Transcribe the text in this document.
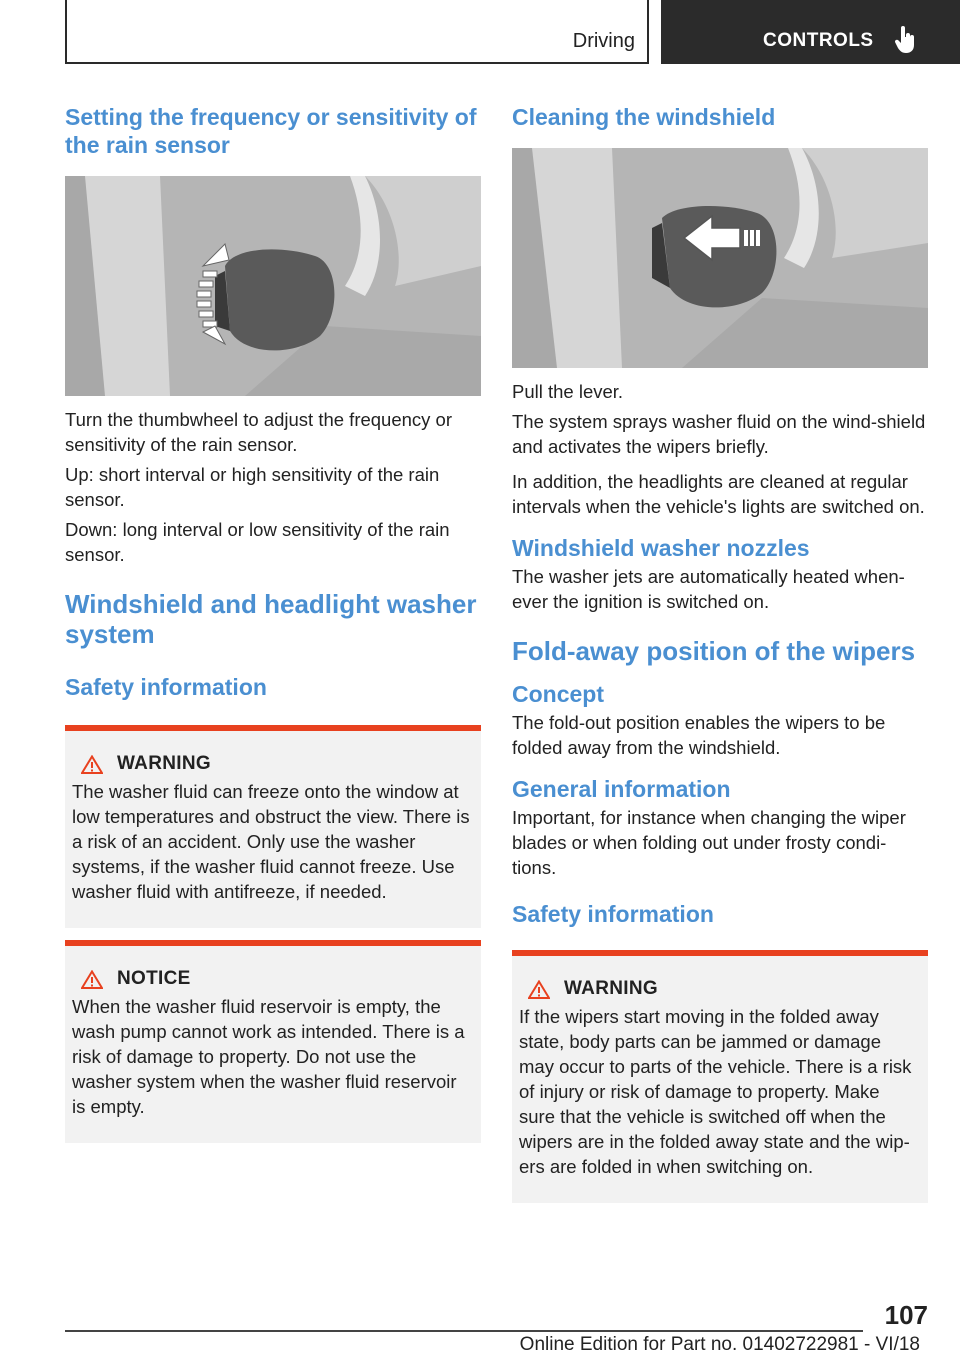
Driving	CONTROLS
Setting the frequency or sensitivity of the rain sensor

Turn the thumbwheel to adjust the frequency or sensitivity of the rain sensor.

Up: short interval or high sensitivity of the rain sensor.

Down: long interval or low sensitivity of the rain sensor.

Windshield and headlight washer system
Safety information
WARNING

The washer fluid can freeze onto the window at low temperatures and obstruct the view. There is a risk of an accident. Only use the washer systems, if the washer fluid cannot freeze. Use washer fluid with antifreeze, if needed.

NOTICE

When the washer fluid reservoir is empty, the wash pump cannot work as intended. There is a risk of damage to property. Do not use the washer system when the washer fluid reservoir is empty.

Cleaning the windshield

Pull the lever.

The system sprays washer fluid on the wind‐shield and activates the wipers briefly.

In addition, the headlights are cleaned at regular intervals when the vehicle's lights are switched on.

Windshield washer nozzles

The washer jets are automatically heated when‐ever the ignition is switched on.

Fold-away position of the wipers
Concept

The fold-out position enables the wipers to be folded away from the windshield.

General information

Important, for instance when changing the wiper blades or when folding out under frosty condi‐tions.

Safety information
WARNING

If the wipers start moving in the folded away state, body parts can be jammed or damage may occur to parts of the vehicle. There is a risk of injury or risk of damage to property. Make sure that the vehicle is switched off when the wipers are in the folded away state and the wip‐ers are folded in when switching on.

107
Online Edition for Part no. 01402722981 - VI/18
